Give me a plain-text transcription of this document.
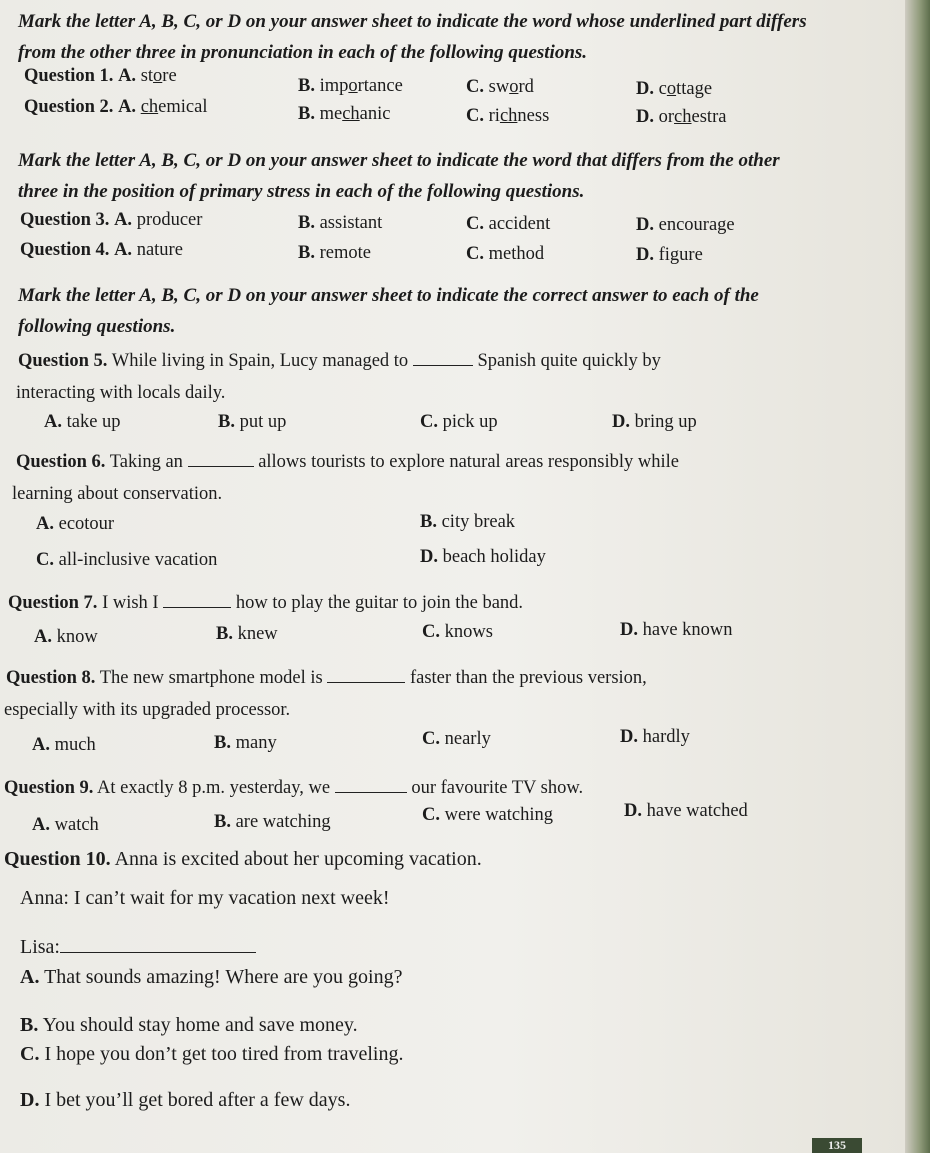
Mark the letter A, B, C, or D on your answer sheet to indicate the word whose underlined part differs from the other three in pronunciation in each of the following questions.
Question 1. A. store	B. importance	C. sword	D. cottage
Question 2. A. chemical	B. mechanic	C. richness	D. orchestra
Mark the letter A, B, C, or D on your answer sheet to indicate the word that differs from the other three in the position of primary stress in each of the following questions.
Question 3. A. producer	B. assistant	C. accident	D. encourage
Question 4. A. nature	B. remote	C. method	D. figure
Mark the letter A, B, C, or D on your answer sheet to indicate the correct answer to each of the following questions.
Question 5. While living in Spain, Lucy managed to	Spanish quite quickly by
interacting with locals daily.
A. take up	B. put up	C. pick up	D. bring up
Question 6. Taking an	allows tourists to explore natural areas responsibly while
learning about conservation.
A. ecotour	B. city break
C. all-inclusive vacation	D. beach holiday
Question 7. I wish I	how to play the guitar to join the band.
A. know	B. knew	C. knows	D. have known
Question 8. The new smartphone model is	faster than the previous version,
especially with its upgraded processor.
A. much	B. many	C. nearly	D. hardly
Question 9. At exactly 8 p.m. yesterday, we	our favourite TV show.
A. watch	B. are watching	C. were watching	D. have watched
Question 10. Anna is excited about her upcoming vacation.
Anna: I can’t wait for my vacation next week!
Lisa:
A. That sounds amazing! Where are you going?
B. You should stay home and save money.
C. I hope you don’t get too tired from traveling.
D. I bet you’ll get bored after a few days.
135
